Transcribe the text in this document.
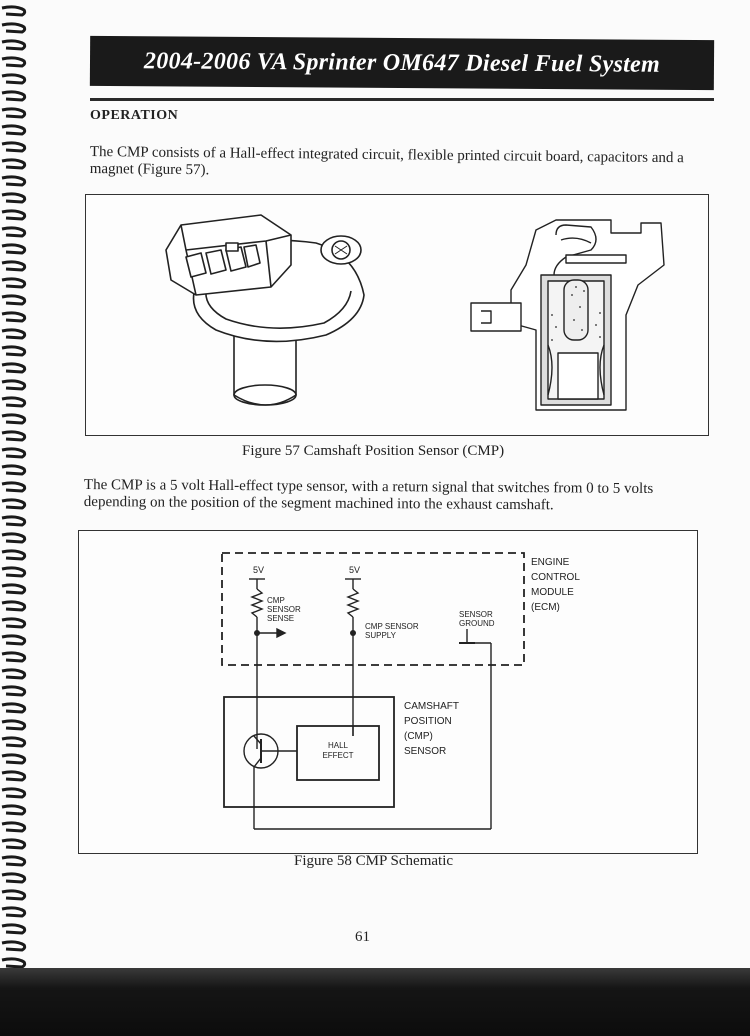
2004-2006 VA Sprinter OM647 Diesel Fuel System
OPERATION
The CMP consists of a Hall-effect integrated circuit, flexible printed circuit board, capacitors and a magnet (Figure 57).
Figure 57 Camshaft Position Sensor (CMP)
The CMP is a 5 volt Hall-effect type sensor, with a return signal that switches from 0 to 5 volts depending on the position of the segment machined into the exhaust camshaft.
ENGINE
CONTROL
MODULE
(ECM)
5V
CMP
SENSOR
SENSE
5V
CMP SENSOR
SUPPLY
SENSOR
GROUND
CAMSHAFT
POSITION
(CMP)
SENSOR
HALL
EFFECT
Figure 58 CMP Schematic
61
